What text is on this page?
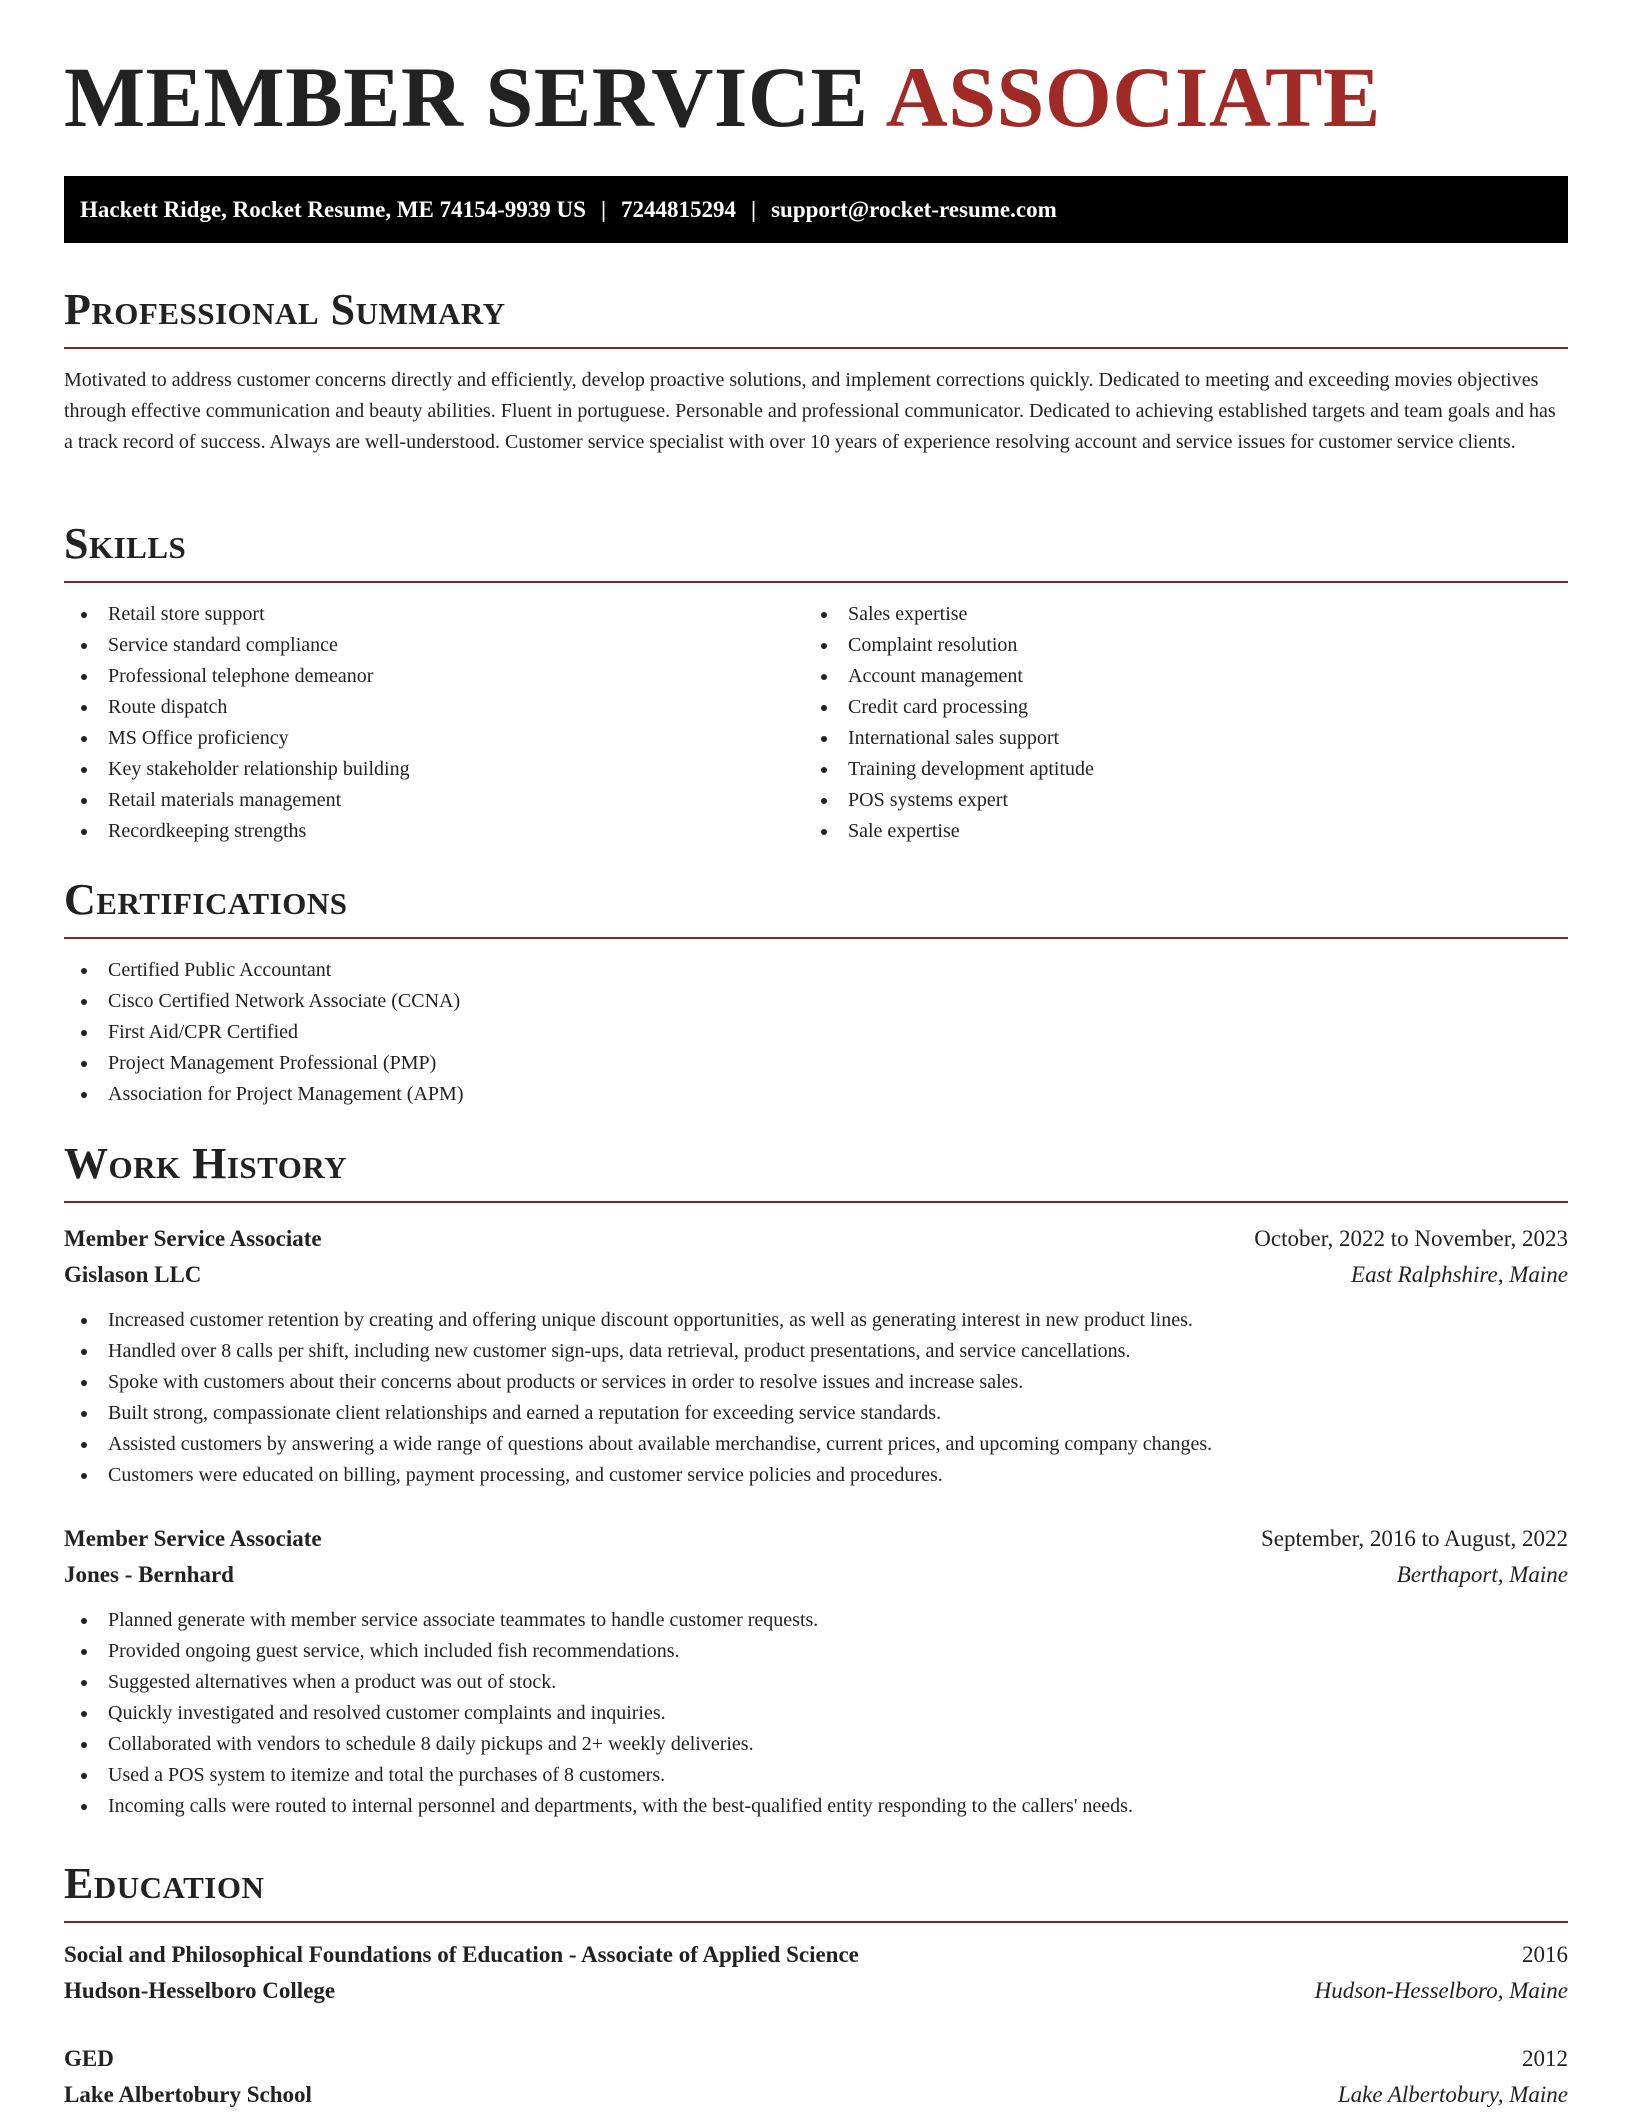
MEMBER SERVICE ASSOCIATE
Hackett Ridge, Rocket Resume, ME 74154-9939 US | 7244815294 | support@rocket-resume.com
Professional Summary

Motivated to address customer concerns directly and efficiently, develop proactive solutions, and implement corrections quickly. Dedicated to meeting and exceeding movies objectives through effective communication and beauty abilities. Fluent in portuguese. Personable and professional communicator. Dedicated to achieving established targets and team goals and has a track record of success. Always are well-understood. Customer service specialist with over 10 years of experience resolving account and service issues for customer service clients.

Skills
Retail store support
Service standard compliance
Professional telephone demeanor
Route dispatch
MS Office proficiency
Key stakeholder relationship building
Retail materials management
Recordkeeping strengths
Sales expertise
Complaint resolution
Account management
Credit card processing
International sales support
Training development aptitude
POS systems expert
Sale expertise
Certifications
Certified Public Accountant
Cisco Certified Network Associate (CCNA)
First Aid/CPR Certified
Project Management Professional (PMP)
Association for Project Management (APM)
Work History
Member Service Associate	October, 2022 to November, 2023
Gislason LLC	East Ralphshire, Maine
Increased customer retention by creating and offering unique discount opportunities, as well as generating interest in new product lines.
Handled over 8 calls per shift, including new customer sign-ups, data retrieval, product presentations, and service cancellations.
Spoke with customers about their concerns about products or services in order to resolve issues and increase sales.
Built strong, compassionate client relationships and earned a reputation for exceeding service standards.
Assisted customers by answering a wide range of questions about available merchandise, current prices, and upcoming company changes.
Customers were educated on billing, payment processing, and customer service policies and procedures.
Member Service Associate	September, 2016 to August, 2022
Jones - Bernhard	Berthaport, Maine
Planned generate with member service associate teammates to handle customer requests.
Provided ongoing guest service, which included fish recommendations.
Suggested alternatives when a product was out of stock.
Quickly investigated and resolved customer complaints and inquiries.
Collaborated with vendors to schedule 8 daily pickups and 2+ weekly deliveries.
Used a POS system to itemize and total the purchases of 8 customers.
Incoming calls were routed to internal personnel and departments, with the best-qualified entity responding to the callers' needs.
Education
Social and Philosophical Foundations of Education - Associate of Applied Science	2016
Hudson-Hesselboro College	Hudson-Hesselboro, Maine
GED	2012
Lake Albertobury School	Lake Albertobury, Maine
